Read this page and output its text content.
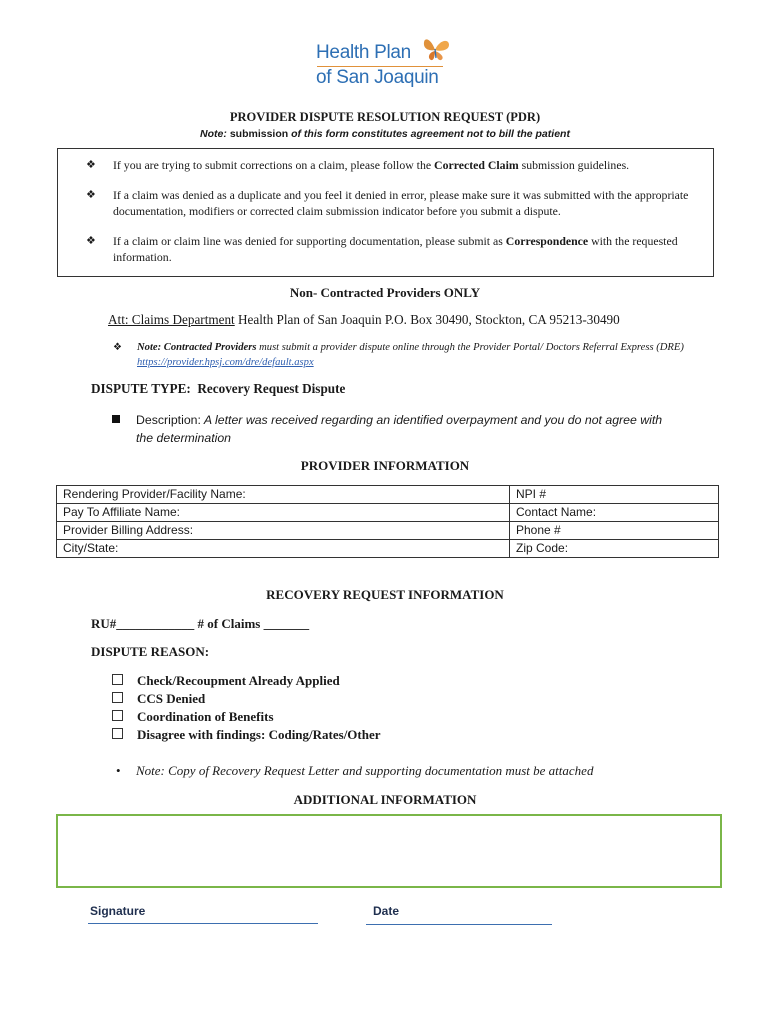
Health Plan
of San Joaquin
PROVIDER DISPUTE RESOLUTION REQUEST (PDR)
Note: submission of this form constitutes agreement not to bill the patient
❖	If you are trying to submit corrections on a claim, please follow the Corrected Claim submission guidelines.
❖	If a claim was denied as a duplicate and you feel it denied in error, please make sure it was submitted with the appropriate documentation, modifiers or corrected claim submission indicator before you submit a dispute.
❖	If a claim or claim line was denied for supporting documentation, please submit as Correspondence with the requested information.
Non- Contracted Providers ONLY
Att: Claims Department Health Plan of San Joaquin P.O. Box 30490, Stockton, CA 95213-30490
❖	Note: Contracted Providers must submit a provider dispute online through the Provider Portal/ Doctors Referral Express (DRE) https://provider.hpsj.com/dre/default.aspx
DISPUTE TYPE: Recovery Request Dispute
Description: A letter was received regarding an identified overpayment and you do not agree with the determination
PROVIDER INFORMATION
Rendering Provider/Facility Name:	NPI #
Pay To Affiliate Name:	Contact Name:
Provider Billing Address:	Phone #
City/State:	Zip Code:
RECOVERY REQUEST INFORMATION
RU#____________ # of Claims _______
DISPUTE REASON:
Check/Recoupment Already Applied
CCS Denied
Coordination of Benefits
Disagree with findings: Coding/Rates/Other
• Note: Copy of Recovery Request Letter and supporting documentation must be attached
ADDITIONAL INFORMATION
Signature	Date
